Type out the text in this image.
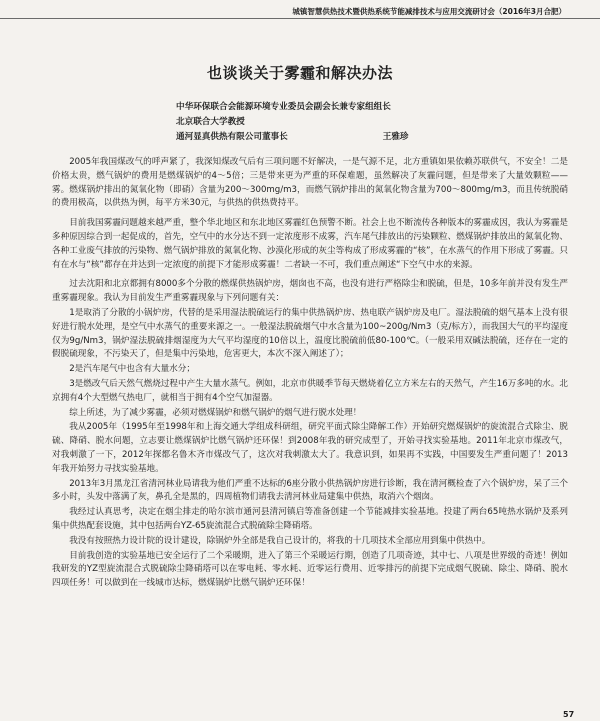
城镇智慧供热技术暨供热系统节能减排技术与应用交流研讨会（2016年3月合肥）
也谈谈关于雾霾和解决办法
中华环保联合会能源环境专业委员会副会长兼专家组组长
北京联合大学教授
通河显真供热有限公司董事长	王雅珍

2005年我国煤改气的呼声紧了，我深知煤改气后有三项问题不好解决，一是气源不足，北方重镇如果依赖苏联供气，不安全！二是价格太贵，燃气锅炉的费用是燃煤锅炉的4～5倍；三是带来更为严重的环保难题，虽然解决了灰霾问题，但是带来了大量效颗粒——雾。燃煤锅炉排出的氮氧化物（即硝）含量为200～300mg/m3，而燃气锅炉排出的氮氧化物含量为700～800mg/m3，而且传统脱硝的费用极高，以供热为例，每平方米30元，与供热的供热费持平。

目前我国雾霾问题越来越严重，整个华北地区和东北地区雾霾红色预警不断。社会上也不断流传各种版本的雾霾成因，我认为雾霾是多种原因综合到一起促成的，首先，空气中的水分达不到一定浓度形不成雾，汽车尾气排放出的污染颗粒、燃煤锅炉排放出的氮氧化物、各种工业废气排放的污染物、燃气锅炉排放的氮氧化物、沙漠化形成的灰尘等构成了形成雾霾的“核”，在水蒸气的作用下形成了雾霾。只有在水与“核”都存在并达到一定浓度的前提下才能形成雾霾！二者缺一不可，我们重点阐述“下空气中水的来源。

过去沈阳和北京都拥有8000多个分散的燃煤供热锅炉房，烟囱也不高，也没有进行严格除尘和脱硫，但是，10多年前并没有发生严重雾霾现象。我认为目前发生严重雾霾现象与下列问题有关：

1是取消了分散的小锅炉房，代替的是采用湿法脱硫运行的集中供热锅炉房、热电联产锅炉房及电厂。湿法脱硫的烟气基本上没有很好进行脱水处理，是空气中水蒸气的重要来源之一。一般湿法脱硫烟气中水含量为100~200g/Nm3（克/标方），而我国大气的平均湿度仅为9g/Nm3，锅炉湿法脱硫排烟湿度为大气平均湿度的10倍以上，温度比脱硫前低80-100℃。（一般采用双碱法脱硫，还存在一定的假脱硫现象，不污染天了，但是集中污染地，危害更大，本次不深入阐述了）；

2是汽车尾气中也含有大量水分；

3是燃改气后天然气燃烧过程中产生大量水蒸气。例如，北京市供暖季节每天燃烧着亿立方米左右的天然气，产生16万多吨的水。北京拥有4个大型燃气热电厂，就相当于拥有4个空气加湿器。

综上所述，为了减少雾霾，必须对燃煤锅炉和燃气锅炉的烟气进行脱水处理！

我从2005年（1995年至1998年和上海交通大学组成科研组，研究平面式除尘降解工作）开始研究燃煤锅炉的旋流混合式除尘、脱硫、降硝、脱水问题，立志要让燃煤锅炉比燃气锅炉还环保！到2008年我的研究成型了，开始寻找实验基地。2011年北京市煤改气，对我刺激了一下，2012年探都名鲁木齐市煤改气了，这次对我刺激太大了。我意识到，如果再不实践，中国要发生严重问题了！2013年我开始努力寻找实验基地。

2013年3月黑龙江省清河林业局请我为他们严重不达标的6座分散小供热锅炉房进行诊断，我在清河概检查了六个锅炉房，呆了三个多小时，头发中落满了灰，鼻孔全是黑的，四周植物们请我去清河林业局建集中供热，取消六个烟囱。

我经过认真思考，决定在烟尘排走的哈尔滨市通河县清河镇启等准备创建一个节能减排实验基地。投建了两台65吨热水锅炉及系列集中供热配套设施，其中包括两台YZ-65旋流混合式脱硫除尘降硝塔。

我没有按照热力设计院的设计建设，除锅炉外全部是我自己设计的，将我的十几项技术全部应用到集中供热中。

目前我创造的实验基地已安全运行了二个采暖期，进入了第三个采暖运行期，创造了几项奇迹，其中七、八项是世界级的奇迹！例如我研发的YZ型旋流混合式脱硫除尘降硝塔可以在零电耗、零水耗、近零运行费用、近零排污的前提下完成烟气脱硫、除尘、降硝、脱水四项任务！可以做到在一线城市达标，燃煤锅炉比燃气锅炉还环保！

57
